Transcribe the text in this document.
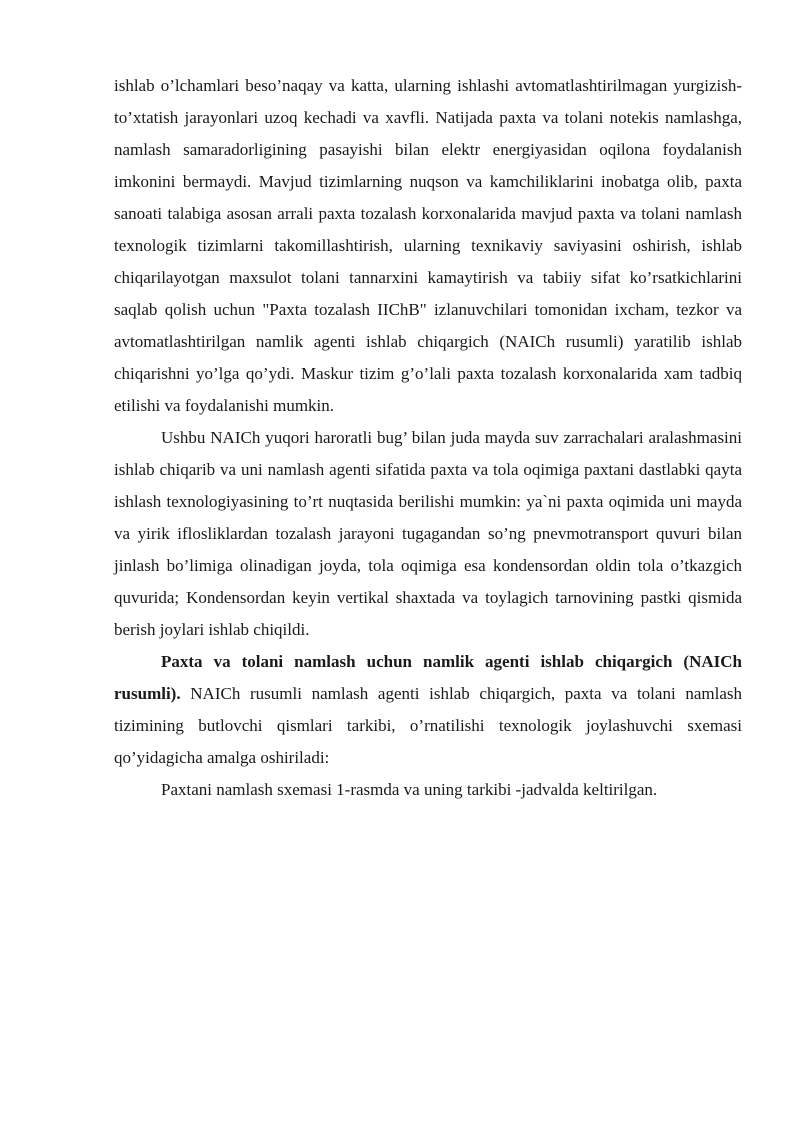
ishlab o’lchamlari beso’naqay va katta, ularning ishlashi avtomatlashtirilmagan yurgizish-to’xtatish jarayonlari uzoq kechadi va xavfli. Natijada paxta va tolani notekis namlashga, namlash samaradorligining pasayishi bilan elektr energiyasidan oqilona foydalanish imkonini bermaydi. Mavjud tizimlarning nuqson va kamchiliklarini inobatga olib, paxta sanoati talabiga asosan arrali paxta tozalash korxonalarida mavjud paxta va tolani namlash texnologik tizimlarni takomillashtirish, ularning texnikaviy saviyasini oshirish, ishlab chiqarilayotgan maxsulot tolani tannarxini kamaytirish va tabiiy sifat ko’rsatkichlarini saqlab qolish uchun "Paxta tozalash IIChB" izlanuvchilari tomonidan ixcham, tezkor va avtomatlashtirilgan namlik agenti ishlab chiqargich (NAICh rusumli) yaratilib ishlab chiqarishni yo’lga qo’ydi. Maskur tizim g’o’lali paxta tozalash korxonalarida xam tadbiq etilishi va foydalanishi mumkin.

Ushbu NAICh yuqori haroratli bug’ bilan juda mayda suv zarrachalari aralashmasini ishlab chiqarib va uni namlash agenti sifatida paxta va tola oqimiga paxtani dastlabki qayta ishlash texnologiyasining to’rt nuqtasida berilishi mumkin: ya`ni paxta oqimida uni mayda va yirik iflosliklardan tozalash jarayoni tugagandan so’ng pnevmotransport quvuri bilan jinlash bo’limiga olinadigan joyda, tola oqimiga esa kondensordan oldin tola o’tkazgich quvurida; Kondensordan keyin vertikal shaxtada va toylagich tarnovining pastki qismida berish joylari ishlab chiqildi.

Paxta va tolani namlash uchun namlik agenti ishlab chiqargich (NAICh rusumli). NAICh rusumli namlash agenti ishlab chiqargich, paxta va tolani namlash tizimining butlovchi qismlari tarkibi, o’rnatilishi texnologik joylashuvchi sxemasi qo’yidagicha amalga oshiriladi:

Paxtani namlash sxemasi 1-rasmda va uning tarkibi -jadvalda keltirilgan.
